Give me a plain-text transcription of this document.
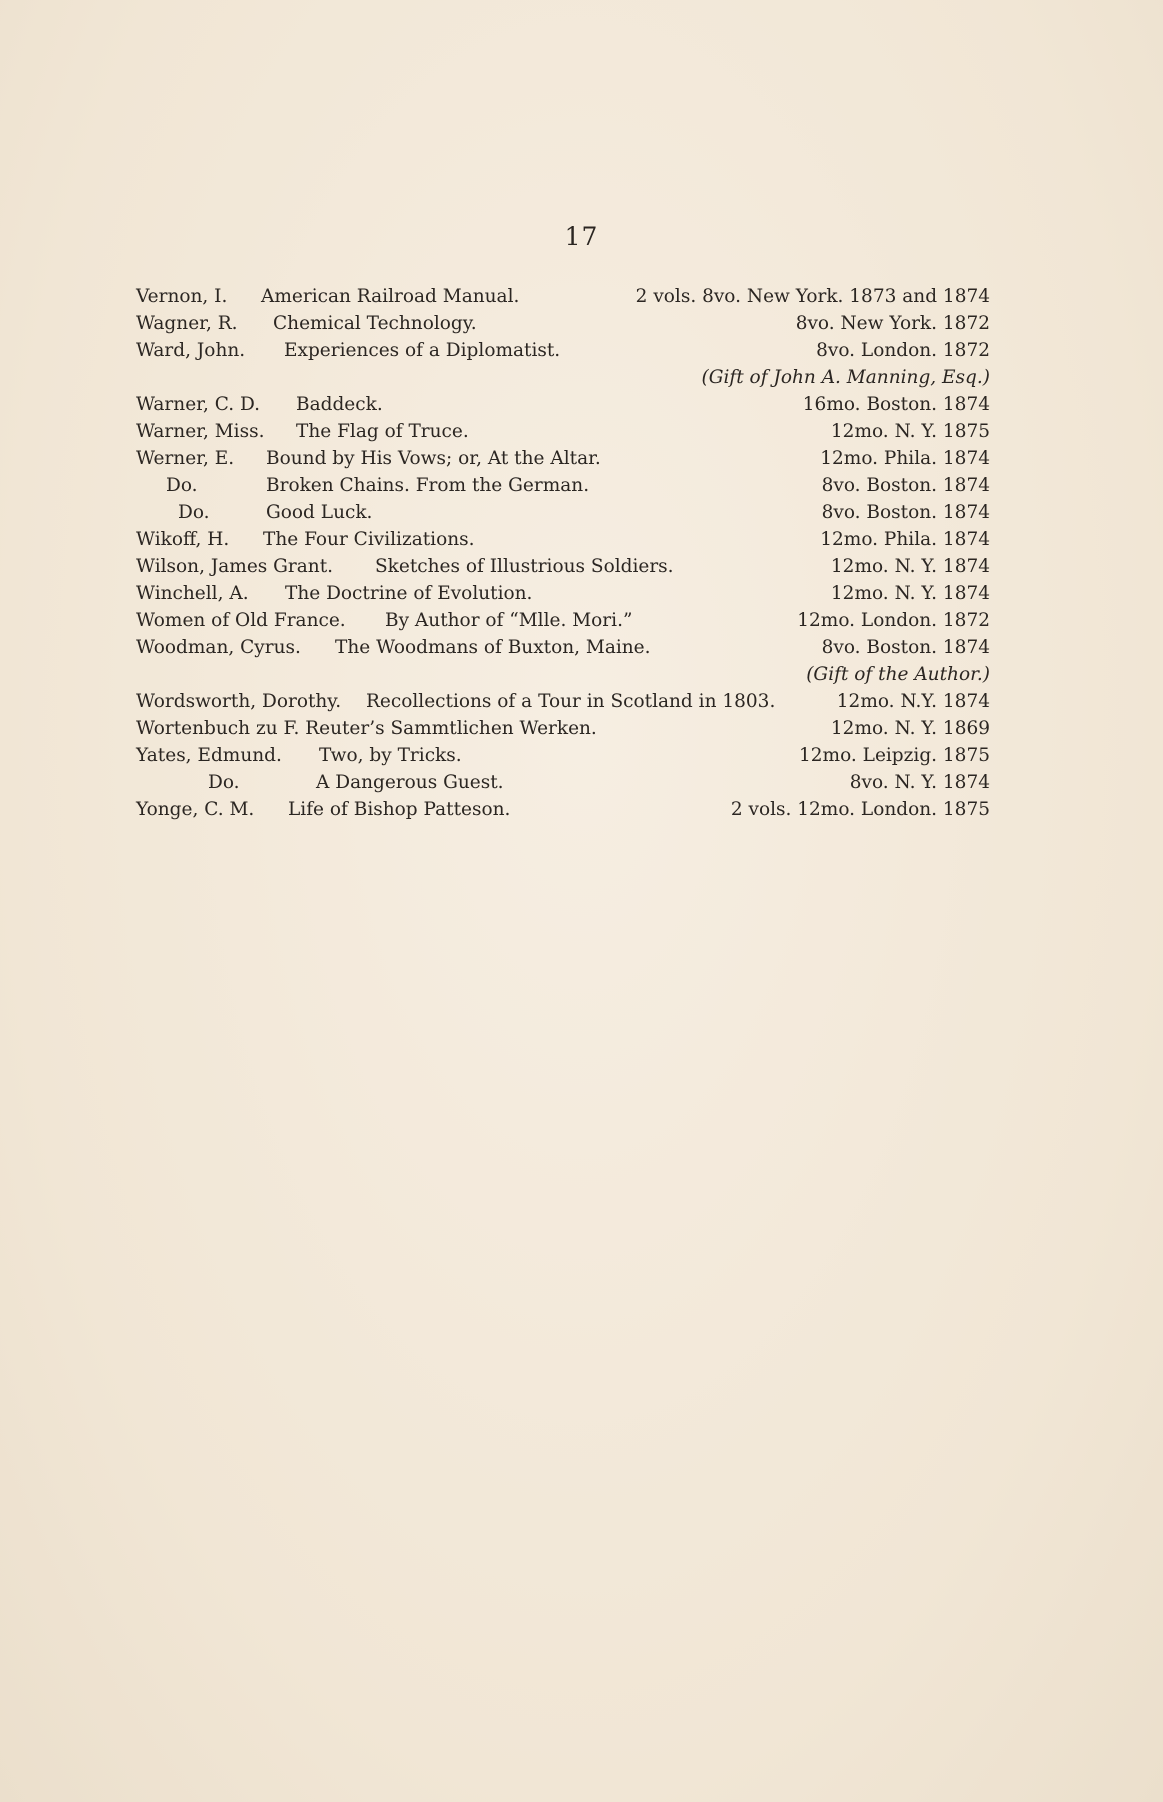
17
Vernon, I. American Railroad Manual.	2 vols. 8vo. New York. 1873 and 1874
Wagner, R. Chemical Technology.	8vo. New York. 1872
Ward, John. Experiences of a Diplomatist.	8vo. London. 1872
(Gift of John A. Manning, Esq.)
Warner, C. D. Baddeck.	16mo. Boston. 1874
Warner, Miss. The Flag of Truce.	12mo. N. Y. 1875
Werner, E. Bound by His Vows; or, At the Altar.	12mo. Phila. 1874
Do.	Broken Chains. From the German.	8vo. Boston. 1874
Do.	Good Luck.	8vo. Boston. 1874
Wikoff, H. The Four Civilizations.	12mo. Phila. 1874
Wilson, James Grant. Sketches of Illustrious Soldiers.	12mo. N. Y. 1874
Winchell, A. The Doctrine of Evolution.	12mo. N. Y. 1874
Women of Old France. By Author of “Mlle. Mori.”	12mo. London. 1872
Woodman, Cyrus. The Woodmans of Buxton, Maine.	8vo. Boston. 1874
(Gift of the Author.)
Wordsworth, Dorothy. Recollections of a Tour in Scotland in 1803.	12mo. N.Y. 1874
Wortenbuch zu F. Reuter’s Sammtlichen Werken.	12mo. N. Y. 1869
Yates, Edmund. Two, by Tricks.	12mo. Leipzig. 1875
Do.	A Dangerous Guest.	8vo. N. Y. 1874
Yonge, C. M. Life of Bishop Patteson.	2 vols. 12mo. London. 1875
